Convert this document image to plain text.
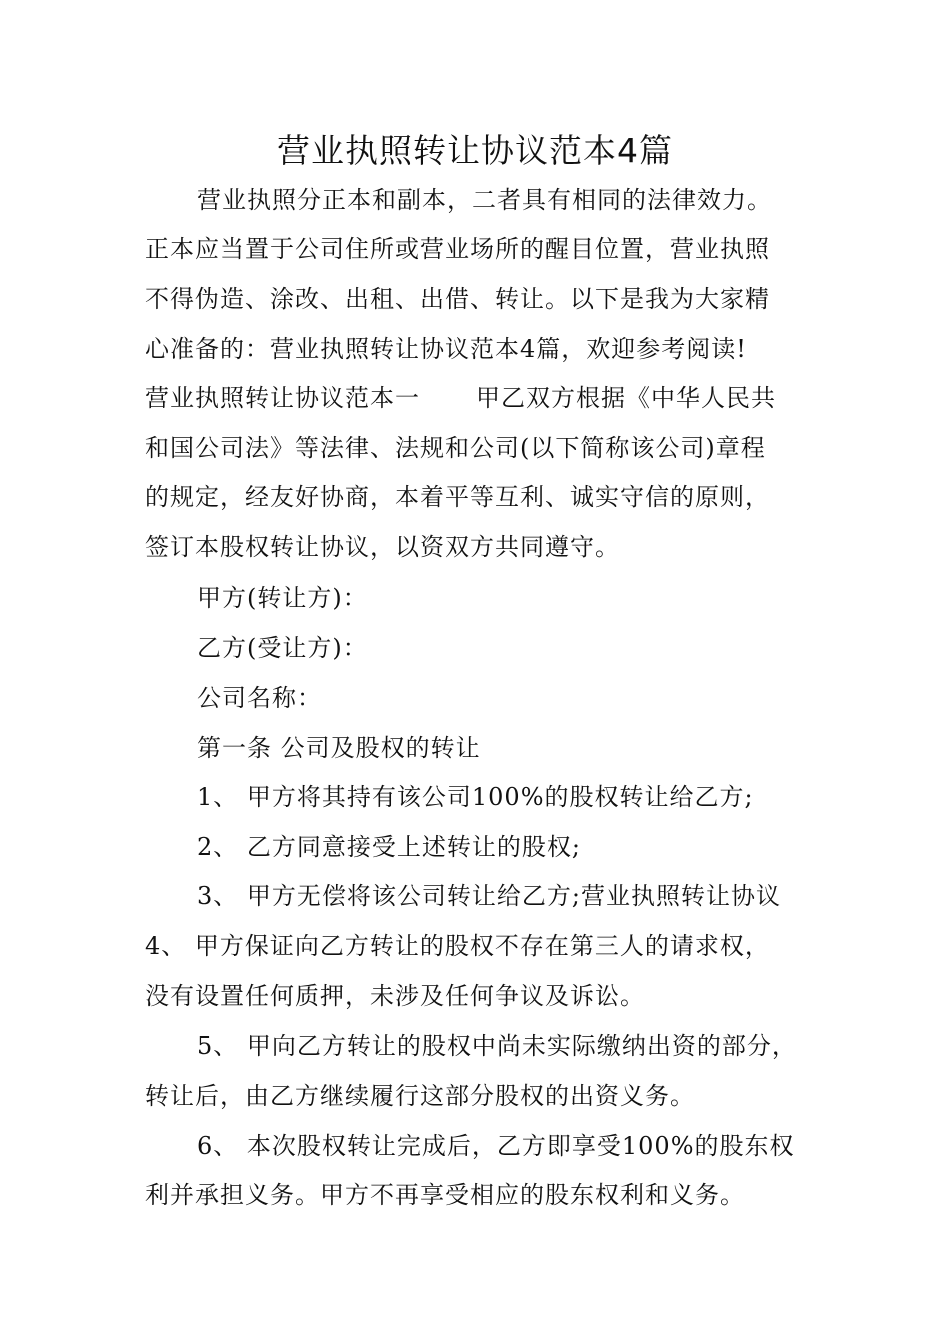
营业执照转让协议范本4篇
营业执照分正本和副本，二者具有相同的法律效力。
正本应当置于公司住所或营业场所的醒目位置，营业执照
不得伪造、涂改、出租、出借、转让。以下是我为大家精
心准备的：营业执照转让协议范本4篇，欢迎参考阅读!
营业执照转让协议范本一 甲乙双方根据《中华人民共
和国公司法》等法律、法规和公司(以下简称该公司)章程
的规定，经友好协商，本着平等互利、诚实守信的原则，
签订本股权转让协议，以资双方共同遵守。
甲方(转让方)：
乙方(受让方)：
公司名称：
第一条 公司及股权的转让
1、 甲方将其持有该公司100%的股权转让给乙方;
2、 乙方同意接受上述转让的股权;
3、 甲方无偿将该公司转让给乙方;营业执照转让协议
4、 甲方保证向乙方转让的股权不存在第三人的请求权，
没有设置任何质押，未涉及任何争议及诉讼。
5、 甲向乙方转让的股权中尚未实际缴纳出资的部分，
转让后，由乙方继续履行这部分股权的出资义务。
6、 本次股权转让完成后，乙方即享受100%的股东权
利并承担义务。甲方不再享受相应的股东权利和义务。
